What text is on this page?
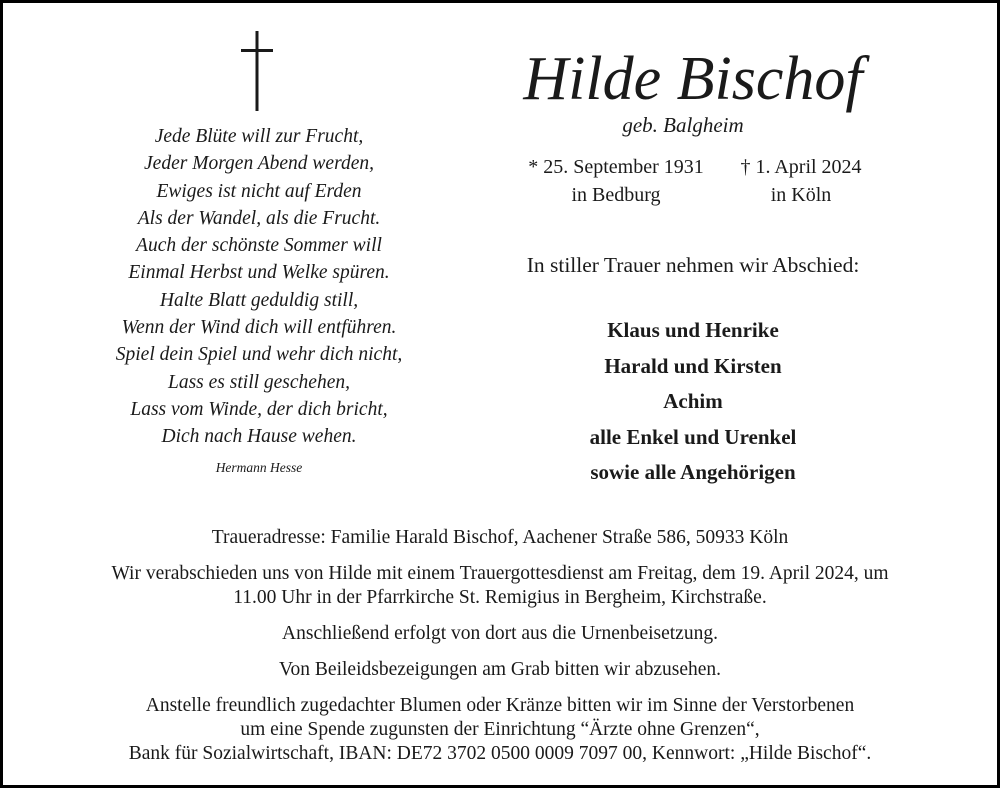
Jede Blüte will zur Frucht,
Jeder Morgen Abend werden,
Ewiges ist nicht auf Erden
Als der Wandel, als die Frucht.
Auch der schönste Sommer will
Einmal Herbst und Welke spüren.
Halte Blatt geduldig still,
Wenn der Wind dich will entführen.
Spiel dein Spiel und wehr dich nicht,
Lass es still geschehen,
Lass vom Winde, der dich bricht,
Dich nach Hause wehen.
Hermann Hesse
Hilde Bischof
geb. Balgheim
* 25. September 1931
in Bedburg
† 1. April 2024
in Köln
In stiller Trauer nehmen wir Abschied:
Klaus und Henrike
Harald und Kirsten
Achim
alle Enkel und Urenkel
sowie alle Angehörigen
Traueradresse: Familie Harald Bischof, Aachener Straße 586, 50933 Köln
Wir verabschieden uns von Hilde mit einem Trauergottesdienst am Freitag, dem 19. April 2024, um
11.00 Uhr in der Pfarrkirche St. Remigius in Bergheim, Kirchstraße.
Anschließend erfolgt von dort aus die Urnenbeisetzung.
Von Beileidsbezeigungen am Grab bitten wir abzusehen.
Anstelle freundlich zugedachter Blumen oder Kränze bitten wir im Sinne der Verstorbenen
um eine Spende zugunsten der Einrichtung “Ärzte ohne Grenzen“,
Bank für Sozialwirtschaft, IBAN: DE72 3702 0500 0009 7097 00, Kennwort: „Hilde Bischof“.
